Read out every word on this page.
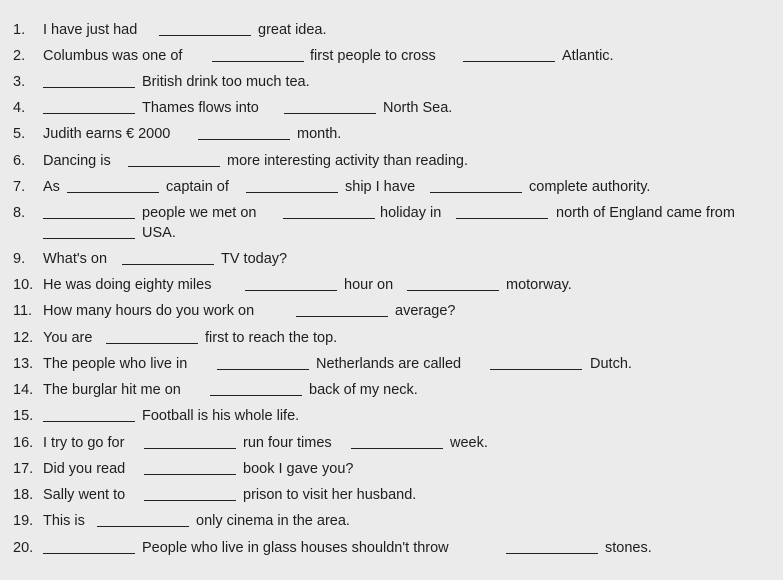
1. I have just had	great idea.
2. Columbus was one of	first people to cross	Atlantic.
3.	British drink too much tea.
4.	Thames flows into	North Sea.
5. Judith earns € 2000	month.
6. Dancing is	more interesting activity than reading.
7. As	captain of	ship I have	complete authority.
8.	people we met on	holiday in	north of England came from
USA.
9. What's on	TV today?
10. He was doing eighty miles	hour on	motorway.
11. How many hours do you work on	average?
12. You are	first to reach the top.
13. The people who live in	Netherlands are called	Dutch.
14. The burglar hit me on	back of my neck.
15.	Football is his whole life.
16. I try to go for	run four times	week.
17. Did you read	book I gave you?
18. Sally went to	prison to visit her husband.
19. This is	only cinema in the area.
20.	People who live in glass houses shouldn't throw	stones.
